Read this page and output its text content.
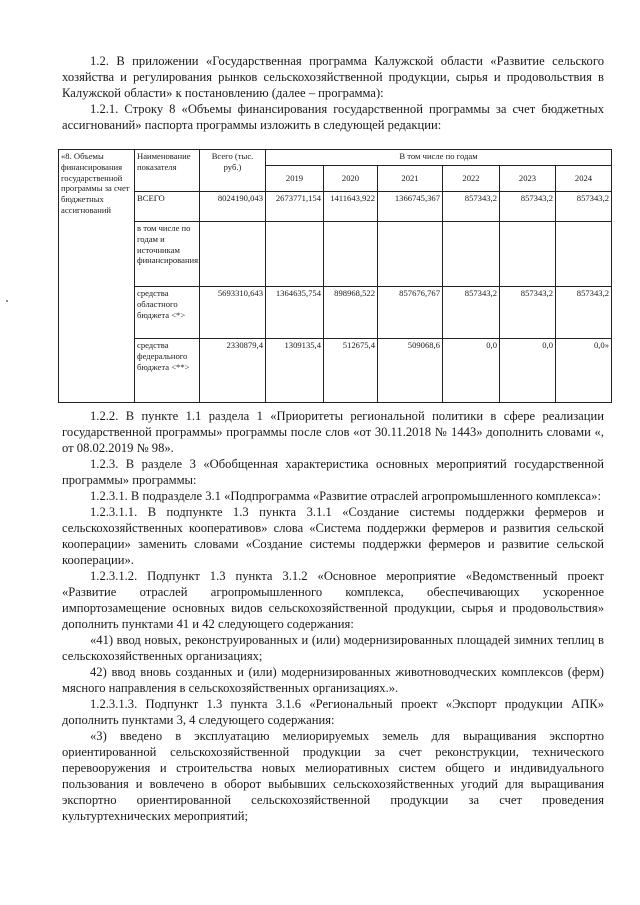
1.2. В приложении «Государственная программа Калужской области «Развитие сельского хозяйства и регулирования рынков сельскохозяйственной продукции, сырья и продовольствия в Калужской области» к постановлению (далее – программа):

1.2.1. Строку 8 «Объемы финансирования государственной программы за счет бюджетных ассигнований» паспорта программы изложить в следующей редакции:

«8. Объемы финансирования государственной программы за счет бюджетных ассигнований	Наименование показателя	Всего (тыс. руб.)	В том числе по годам					
			2019	2020	2021	2022	2023	2024
	ВСЕГО	8024190,043	2673771,154	1411643,922	1366745,367	857343,2	857343,2	857343,2
	в том числе по годам и источникам финансирования:							
	средства областного бюджета <*>	5693310,643	1364635,754	898968,522	857676,767	857343,2	857343,2	857343,2
	средства федерального бюджета <**>	2330879,4	1309135,4	512675,4	509068,6	0,0	0,0	0,0»

1.2.2. В пункте 1.1 раздела 1 «Приоритеты региональной политики в сфере реализации государственной программы» программы после слов «от 30.11.2018 № 1443» дополнить словами «, от 08.02.2019 № 98».

1.2.3. В разделе 3 «Обобщенная характеристика основных мероприятий государственной программы» программы:

1.2.3.1. В подразделе 3.1 «Подпрограмма «Развитие отраслей агропромышленного комплекса»:

1.2.3.1.1. В подпункте 1.3 пункта 3.1.1 «Создание системы поддержки фермеров и сельскохозяйственных кооперативов» слова «Система поддержки фермеров и развития сельской кооперации» заменить словами «Создание системы поддержки фермеров и развитие сельской кооперации».

1.2.3.1.2. Подпункт 1.3 пункта 3.1.2 «Основное мероприятие «Ведомственный проект «Развитие отраслей агропромышленного комплекса, обеспечивающих ускоренное импортозамещение основных видов сельскохозяйственной продукции, сырья и продовольствия» дополнить пунктами 41 и 42 следующего содержания:

«41) ввод новых, реконструированных и (или) модернизированных площадей зимних теплиц в сельскохозяйственных организациях;

42) ввод вновь созданных и (или) модернизированных животноводческих комплексов (ферм) мясного направления в сельскохозяйственных организациях.».

1.2.3.1.3. Подпункт 1.3 пункта 3.1.6 «Региональный проект «Экспорт продукции АПК» дополнить пунктами 3, 4 следующего содержания:

«3) введено в эксплуатацию мелиорируемых земель для выращивания экспортно ориентированной сельскохозяйственной продукции за счет реконструкции, технического перевооружения и строительства новых мелиоративных систем общего и индивидуального пользования и вовлечено в оборот выбывших сельскохозяйственных угодий для выращивания экспортно ориентированной сельскохозяйственной продукции за счет проведения культуртехнических мероприятий;
